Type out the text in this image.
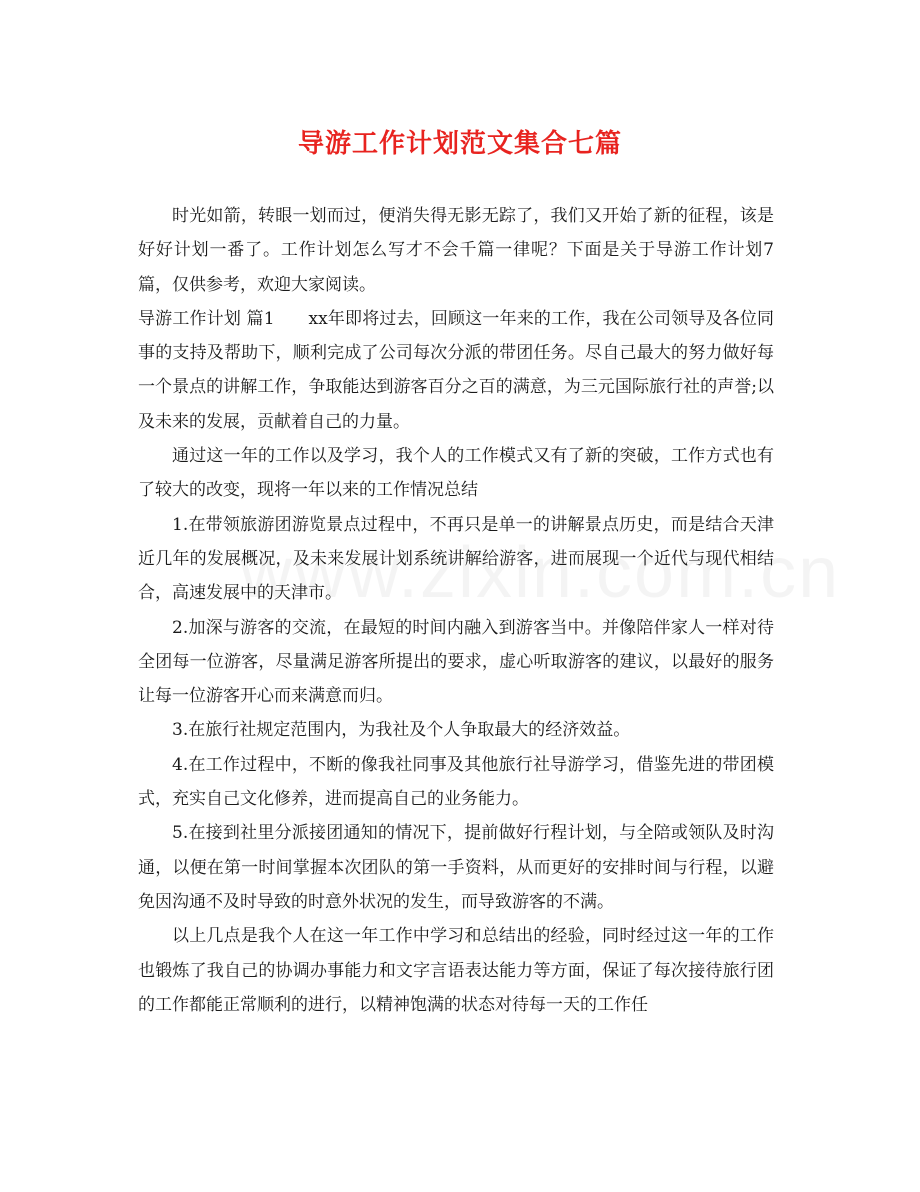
导游工作计划范文集合七篇

时光如箭，转眼一划而过，便消失得无影无踪了，我们又开始了新的征程，该是好好计划一番了。工作计划怎么写才不会千篇一律呢？下面是关于导游工作计划7篇，仅供参考，欢迎大家阅读。

导游工作计划 篇1 xx年即将过去，回顾这一年来的工作，我在公司领导及各位同事的支持及帮助下，顺利完成了公司每次分派的带团任务。尽自己最大的努力做好每一个景点的讲解工作，争取能达到游客百分之百的满意，为三元国际旅行社的声誉;以及未来的发展，贡献着自己的力量。

通过这一年的工作以及学习，我个人的工作模式又有了新的突破，工作方式也有了较大的改变，现将一年以来的工作情况总结

1.在带领旅游团游览景点过程中，不再只是单一的讲解景点历史，而是结合天津近几年的发展概况，及未来发展计划系统讲解给游客，进而展现一个近代与现代相结合，高速发展中的天津市。

2.加深与游客的交流，在最短的时间内融入到游客当中。并像陪伴家人一样对待全团每一位游客，尽量满足游客所提出的要求，虚心听取游客的建议，以最好的服务让每一位游客开心而来满意而归。

3.在旅行社规定范围内，为我社及个人争取最大的经济效益。

4.在工作过程中，不断的像我社同事及其他旅行社导游学习，借鉴先进的带团模式，充实自己文化修养，进而提高自己的业务能力。

5.在接到社里分派接团通知的情况下，提前做好行程计划，与全陪或领队及时沟通，以便在第一时间掌握本次团队的第一手资料，从而更好的安排时间与行程，以避免因沟通不及时导致的时意外状况的发生，而导致游客的不满。

以上几点是我个人在这一年工作中学习和总结出的经验，同时经过这一年的工作也锻炼了我自己的协调办事能力和文字言语表达能力等方面，保证了每次接待旅行团的工作都能正常顺利的进行，以精神饱满的状态对待每一天的工作任
